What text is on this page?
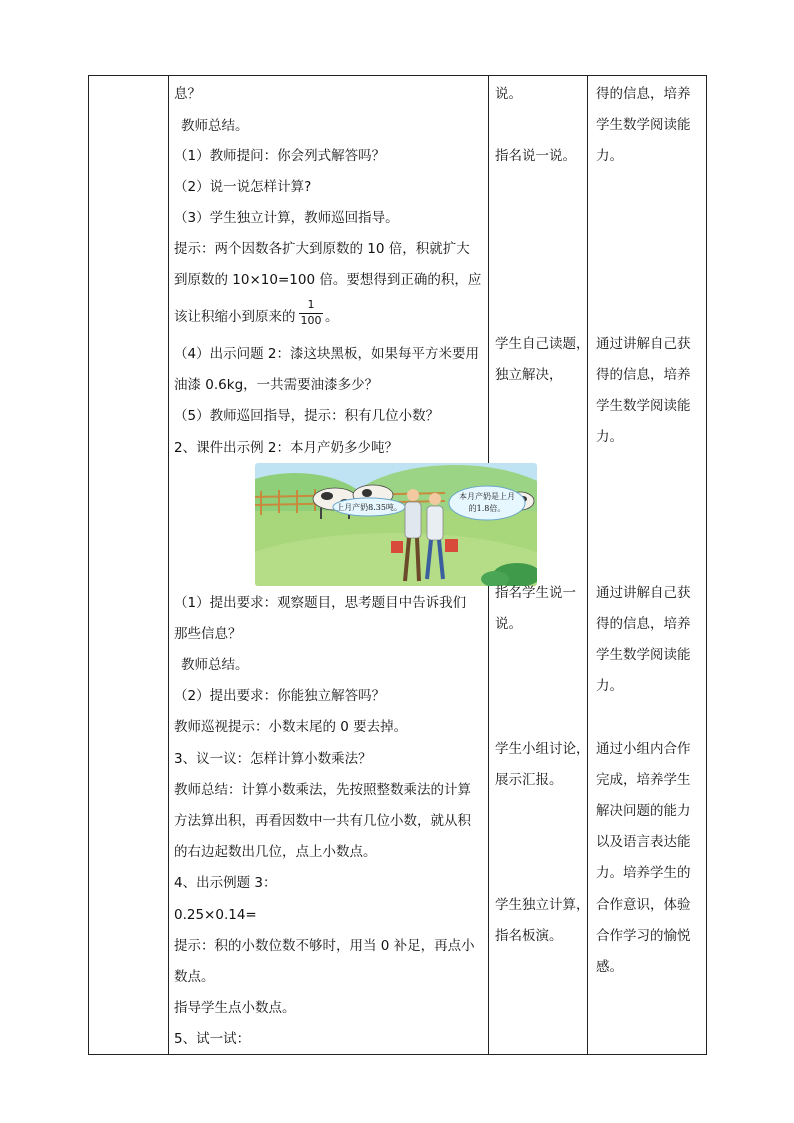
息？
教师总结。
（1）教师提问：你会列式解答吗？
（2）说一说怎样计算?
（3）学生独立计算，教师巡回指导。
提示：两个因数各扩大到原数的 10 倍，积就扩大
到原数的 10×10=100 倍。要想得到正确的积，应
该让积缩小到原来的
1
100 。
（4）出示问题 2：漆这块黑板，如果每平方米要用
油漆 0.6kg，一共需要油漆多少？
（5）教师巡回指导，提示：积有几位小数？
2、课件出示例 2：本月产奶多少吨？
上月产奶8.35吨。
本月产奶是上月
的1.8倍。
（1）提出要求：观察题目，思考题目中告诉我们
那些信息？
教师总结。
（2）提出要求：你能独立解答吗？
教师巡视提示：小数末尾的 0 要去掉。
3、议一议：怎样计算小数乘法？
教师总结：计算小数乘法，先按照整数乘法的计算
方法算出积，再看因数中一共有几位小数，就从积
的右边起数出几位，点上小数点。
4、出示例题 3：
0.25×0.14=
提示：积的小数位数不够时，用当 0 补足，再点小
数点。
指导学生点小数点。
5、试一试：
说。
指名说一说。
学生自己读题，
独立解决，
指名学生说一
说。
学生小组讨论，
展示汇报。
学生独立计算，
指名板演。
得的信息，培养
学生数学阅读能
力。
通过讲解自己获
得的信息，培养
学生数学阅读能
力。
通过讲解自己获
得的信息，培养
学生数学阅读能
力。
通过小组内合作
完成，培养学生
解决问题的能力
以及语言表达能
力。培养学生的
合作意识，体验
合作学习的愉悦
感。
